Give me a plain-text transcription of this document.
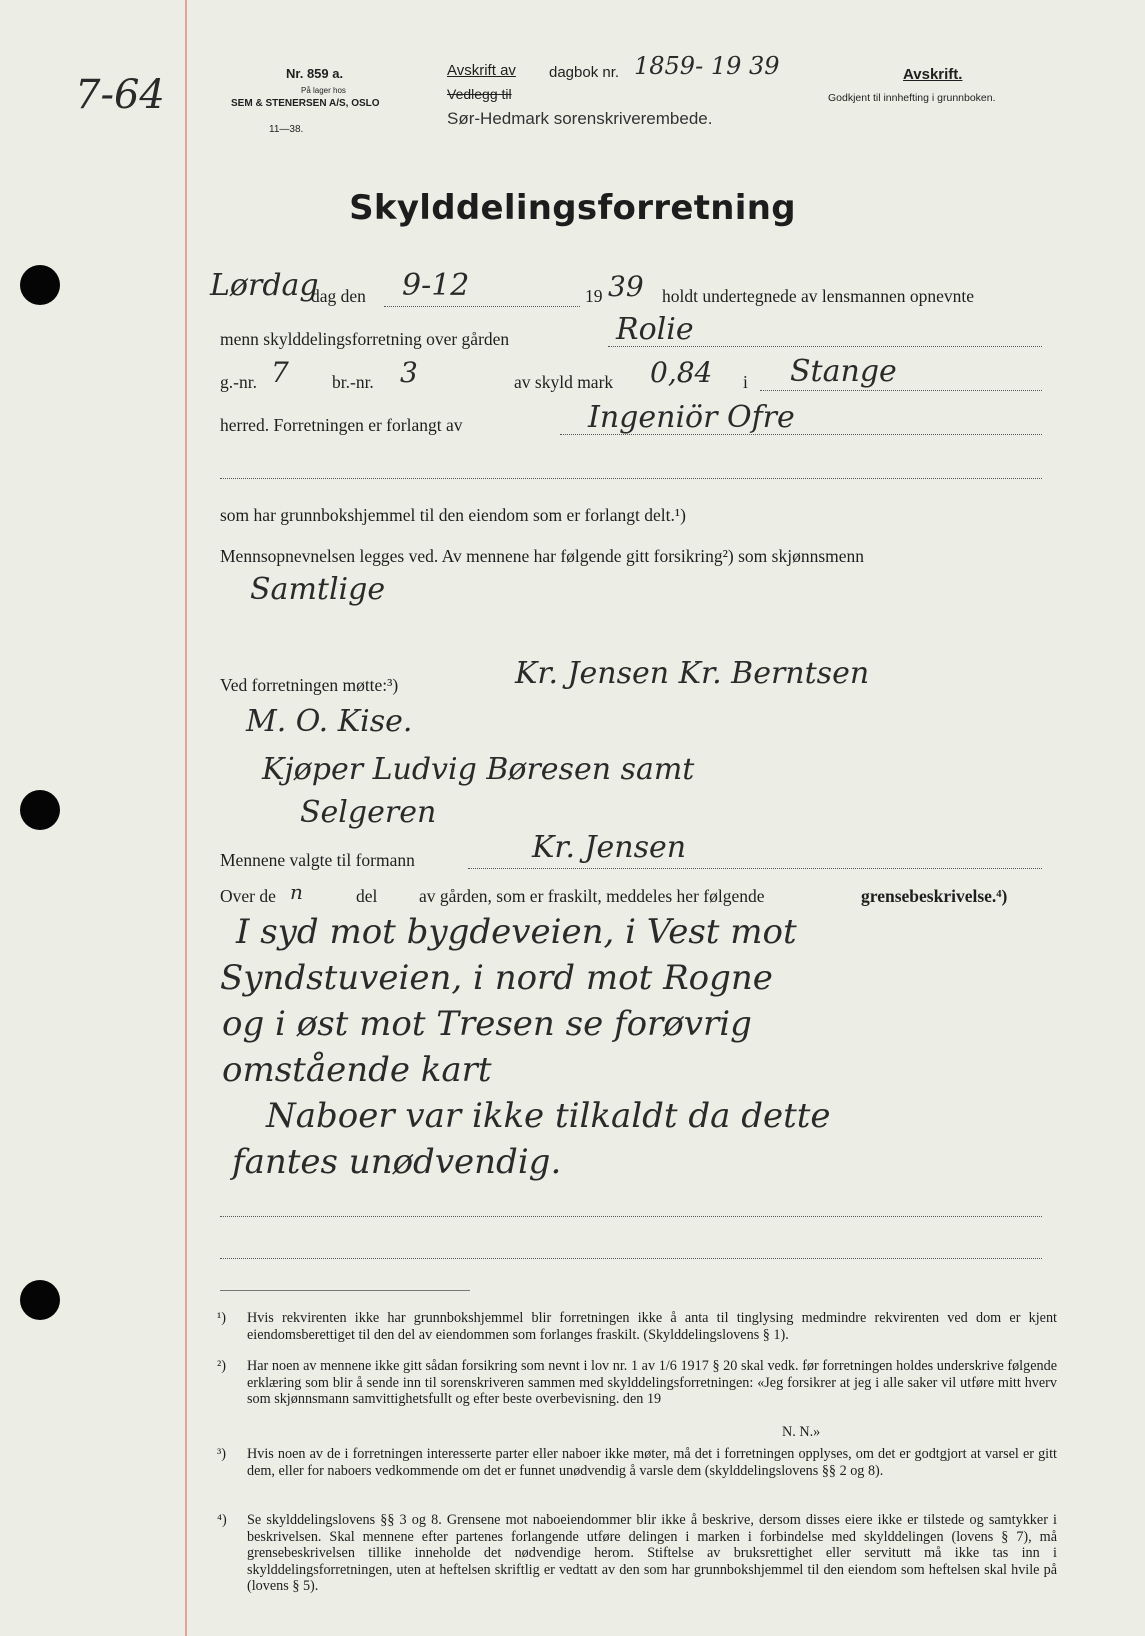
7-64	Nr. 859 a.
På lager hos
SEM & STENERSEN A/S, OSLO
11—38.
Avskrift av dagbok nr. 1859- 19 39
Vedlegg til
Sør-Hedmark sorenskriverembede.
Avskrift.
Godkjent til innhefting i grunnboken.
Skylddelingsforretning
Lørdag
dag den 9-12	19 39 holdt undertegnede av lensmannen opnevnte
menn skylddelingsforretning over gården	Rolie
g.-nr. 7 br.-nr. 3	av skyld mark 0,84 i Stange
herred. Forretningen er forlangt av	Ingeniör Ofre
som har grunnbokshjemmel til den eiendom som er forlangt delt.¹)
Mennsopnevnelsen legges ved. Av mennene har følgende gitt forsikring²) som skjønnsmenn
Samtlige
Ved forretningen møtte:³)	Kr. Jensen Kr. Berntsen
M. O. Kise.
Kjøper Ludvig Børesen samt
Selgeren
Mennene valgte til formann	Kr. Jensen
Over de n	del av gården, som er fraskilt, meddeles her følgende	grensebeskrivelse.⁴)
I syd mot bygdeveien, i Vest mot
Syndstuveien, i nord mot Rogne
og i øst mot Tresen se forøvrig
omstående kart
Naboer var ikke tilkaldt da dette
fantes unødvendig.
¹) Hvis rekvirenten ikke har grunnbokshjemmel blir forretningen ikke å anta til tinglysing medmindre rekvirenten ved dom er kjent eiendomsberettiget til den del av eiendommen som forlanges fraskilt. (Skylddelingslovens § 1).
²) Har noen av mennene ikke gitt sådan forsikring som nevnt i lov nr. 1 av 1/6 1917 § 20 skal vedk. før forretningen holdes underskrive følgende erklæring som blir å sende inn til sorenskriveren sammen med skylddelingsforretningen: «Jeg forsikrer at jeg i alle saker vil utføre mitt hverv som skjønnsmann samvittighetsfullt og efter beste overbevisning. den 19
N. N.»
³) Hvis noen av de i forretningen interesserte parter eller naboer ikke møter, må det i forretningen opplyses, om det er godtgjort at varsel er gitt dem, eller for naboers vedkommende om det er funnet unødvendig å varsle dem (skylddelingslovens §§ 2 og 8).
⁴) Se skylddelingslovens §§ 3 og 8. Grensene mot naboeiendommer blir ikke å beskrive, dersom disses eiere ikke er tilstede og samtykker i beskrivelsen. Skal mennene efter partenes forlangende utføre delingen i marken i forbindelse med skylddelingen (lovens § 7), må grensebeskrivelsen tillike inneholde det nødvendige herom. Stiftelse av bruksrettighet eller servitutt må ikke tas inn i skylddelingsforretningen, uten at heftelsen skriftlig er vedtatt av den som har grunnbokshjemmel til den eiendom som heftelsen skal hvile på (lovens § 5).
